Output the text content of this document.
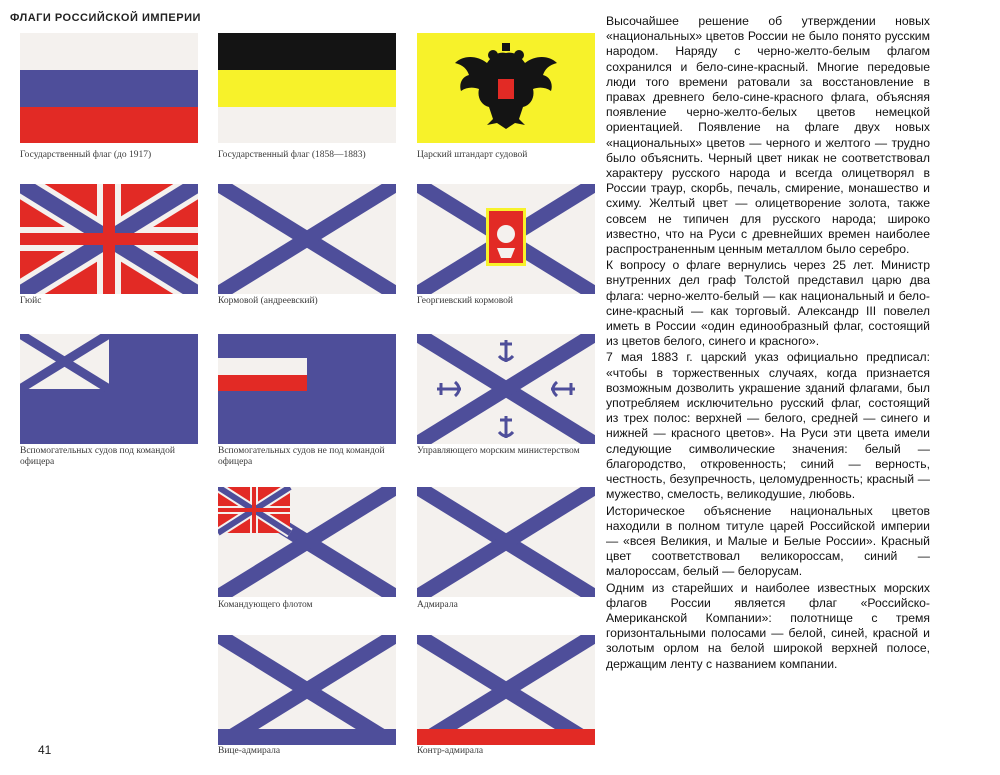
ФЛАГИ РОССИЙСКОЙ ИМПЕРИИ
Государственный флаг (до 1917)	Государственный флаг (1858—1883)	Царский штандарт судовой
Гюйс	Кормовой (андреевский)	Георгиевский кормовой
Вспомогательных судов под командой офицера
Вспомогательных судов не под командой офицера
Управляющего морским министерством
Командующего флотом	Адмирала
Вице-адмирала	Контр-адмирала
41

Высочайшее решение об утверждении новых «национальных» цветов России не было понято русским народом. Наряду с черно-желто-белым флагом сохранился и бело-сине-красный. Многие передовые люди того времени ратовали за восстановление в правах древнего бело-сине-красного флага, объясняя появление черно-желто-белых цветов немецкой ориентацией. Появление на флаге двух новых «национальных» цветов — черного и желтого — трудно было объяснить. Черный цвет никак не соответствовал характеру русского народа и всегда олицетворял в России траур, скорбь, печаль, смирение, монашество и схиму. Желтый цвет — олицетворение золота, также совсем не типичен для русского народа; широко известно, что на Руси с древнейших времен наиболее распространенным ценным металлом было серебро.

К вопросу о флаге вернулись через 25 лет. Министр внутренних дел граф Толстой представил царю два флага: черно-желто-белый — как национальный и бело-сине-красный — как торговый. Александр III повелел иметь в России «один единообразный флаг, состоящий из цветов белого, синего и красного».

7 мая 1883 г. царский указ официально предписал: «чтобы в торжественных случаях, когда признается возможным дозволить украшение зданий флагами, был употребляем исключительно русский флаг, состоящий из трех полос: верхней — белого, средней — синего и нижней — красного цветов». На Руси эти цвета имели следующие символические значения: белый — благородство, откровенность; синий — верность, честность, безупречность, целомудренность; красный — мужество, смелость, великодушие, любовь.

Историческое объяснение национальных цветов находили в полном титуле царей Российской империи — «всея Великия, и Малые и Белые России». Красный цвет соответствовал великороссам, синий — малороссам, белый — белорусам.

Одним из старейших и наиболее известных морских флагов России является флаг «Российско-Американской Компании»: полотнище с тремя горизонтальными полосами — белой, синей, красной и золотым орлом на белой широкой верхней полосе, держащим ленту с названием компании.
